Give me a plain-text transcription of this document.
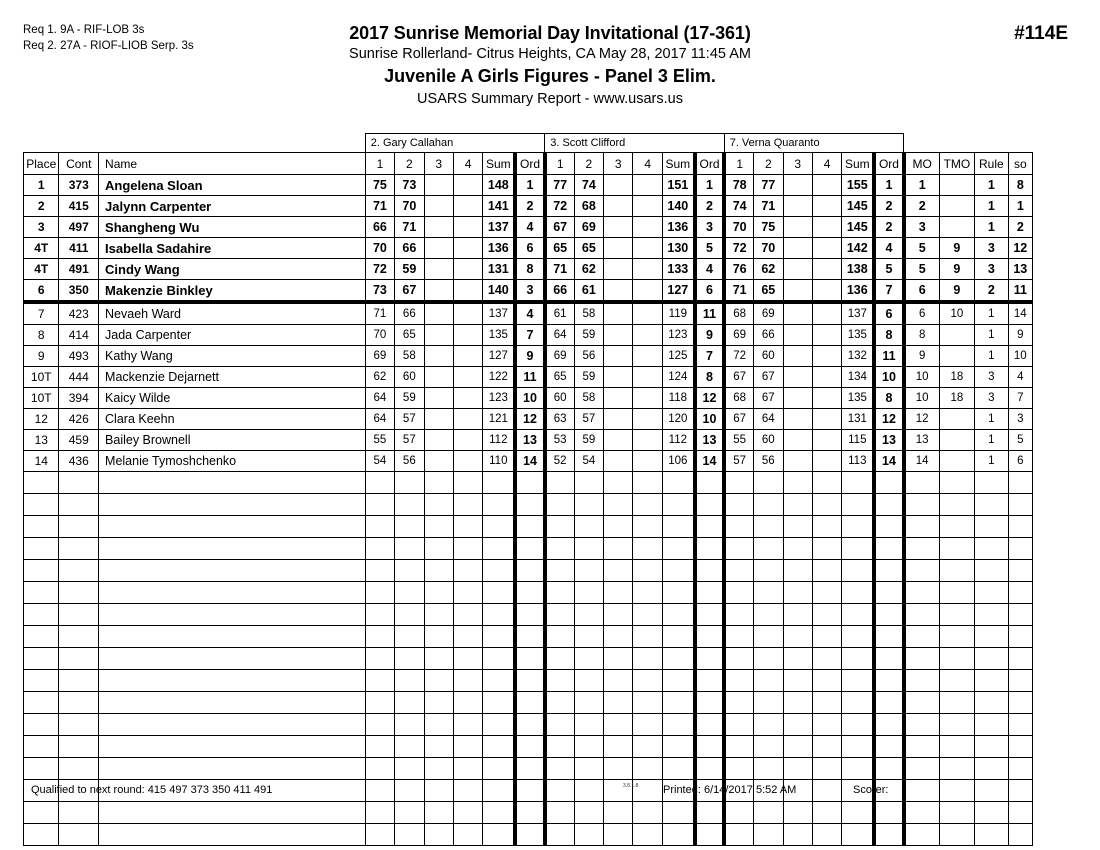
Req 1. 9A - RIF-LOB 3s
Req 2. 27A - RIOF-LIOB Serp. 3s
2017 Sunrise Memorial Day Invitational (17-361)
Sunrise Rollerland- Citrus Heights, CA May 28, 2017 11:45 AM
Juvenile A Girls Figures - Panel 3 Elim.
USARS Summary Report - www.usars.us
#114E
			2. Gary Callahan						3. Scott Clifford						7. Verna Quaranto									
Place	Cont	Name	1	2	3	4	Sum	Ord	1	2	3	4	Sum	Ord	1	2	3	4	Sum	Ord	MO	TMO	Rule	so
1	373	Angelena Sloan	75	73			148	1	77	74			151	1	78	77			155	1	1		1	8
2	415	Jalynn Carpenter	71	70			141	2	72	68			140	2	74	71			145	2	2		1	1
3	497	Shangheng Wu	66	71			137	4	67	69			136	3	70	75			145	2	3		1	2
4T	411	Isabella Sadahire	70	66			136	6	65	65			130	5	72	70			142	4	5	9	3	12
4T	491	Cindy Wang	72	59			131	8	71	62			133	4	76	62			138	5	5	9	3	13
6	350	Makenzie Binkley	73	67			140	3	66	61			127	6	71	65			136	7	6	9	2	11
7	423	Nevaeh Ward	71	66			137	4	61	58			119	11	68	69			137	6	6	10	1	14
8	414	Jada Carpenter	70	65			135	7	64	59			123	9	69	66			135	8	8		1	9
9	493	Kathy Wang	69	58			127	9	69	56			125	7	72	60			132	11	9		1	10
10T	444	Mackenzie Dejarnett	62	60			122	11	65	59			124	8	67	67			134	10	10	18	3	4
10T	394	Kaicy Wilde	64	59			123	10	60	58			118	12	68	67			135	8	10	18	3	7
12	426	Clara Keehn	64	57			121	12	63	57			120	10	67	64			131	12	12		1	3
13	459	Bailey Brownell	55	57			112	13	53	59			112	13	55	60			115	13	13		1	5
14	436	Melanie Tymoshchenko	54	56			110	14	52	54			106	14	57	56			113	14	14		1	6

Qualified to next round: 415 497 373 350 411 491	3.8.1.8 Printed: 6/14/2017 5:52 AM	Scorer:
